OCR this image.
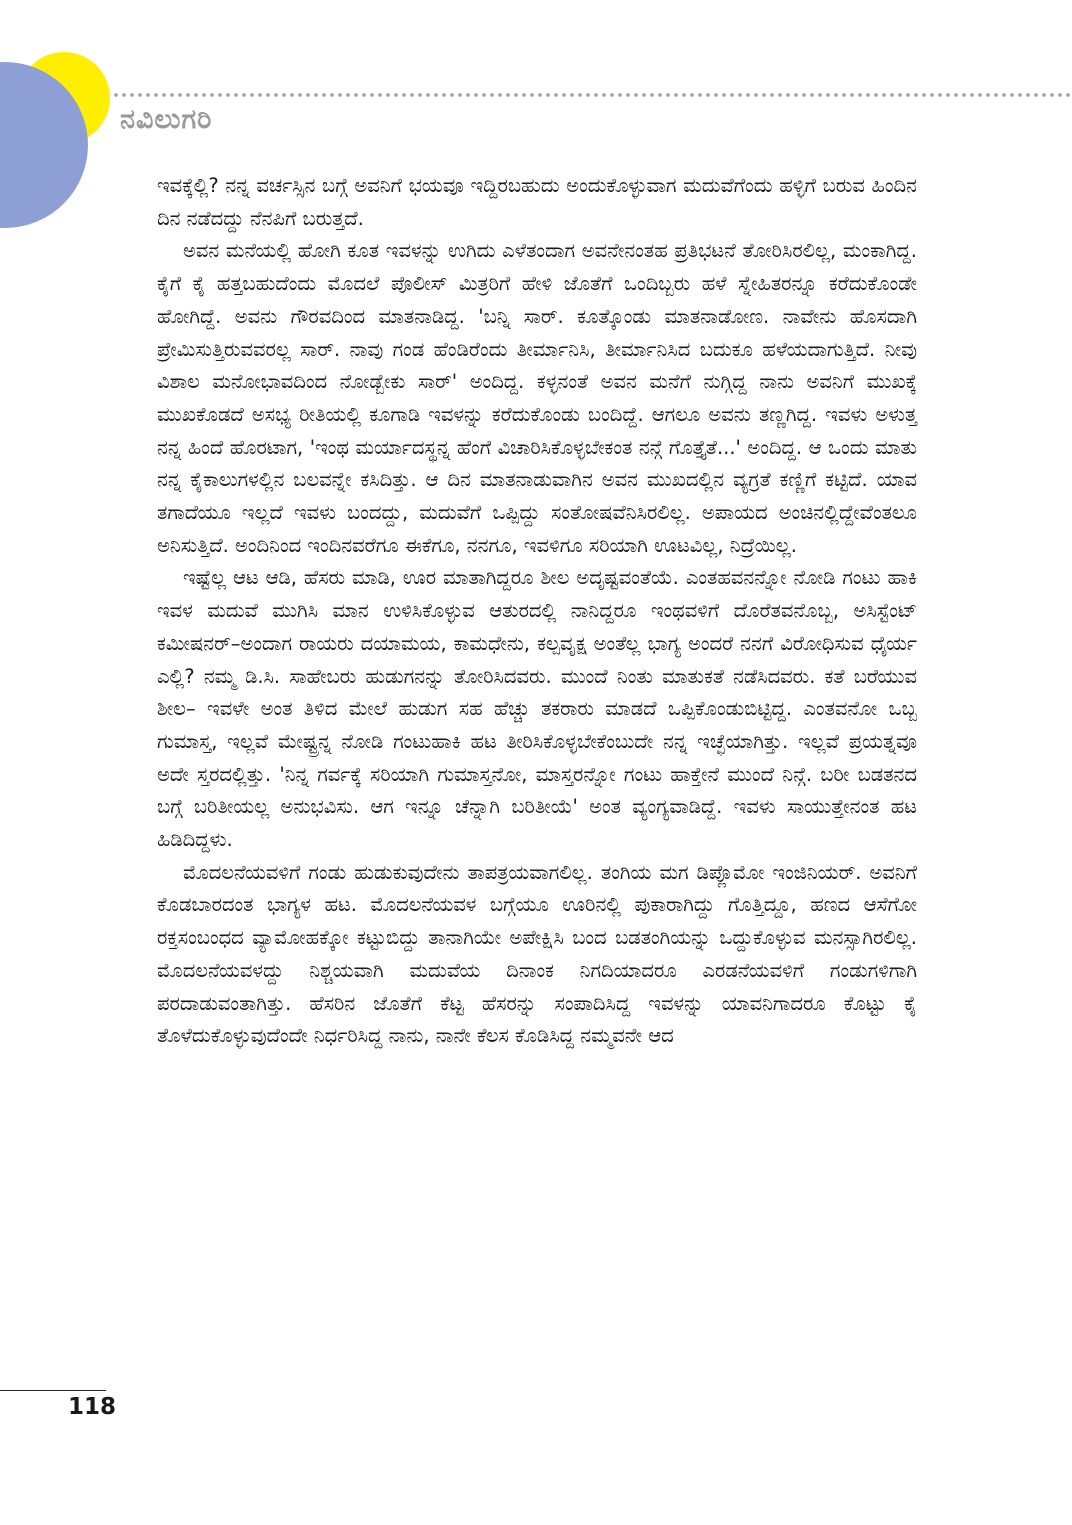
ನವಿಲುಗರಿ

ಇವಕ್ಕೆಲ್ಲಿ? ನನ್ನ ವರ್ಚಸ್ಸಿನ ಬಗ್ಗೆ ಅವನಿಗೆ ಭಯವೂ ಇದ್ದಿರಬಹುದು ಅಂದುಕೊಳ್ಳುವಾಗ ಮದುವೆಗೆಂದು ಹಳ್ಳಿಗೆ ಬರುವ ಹಿಂದಿನ ದಿನ ನಡೆದದ್ದು ನೆನಪಿಗೆ ಬರುತ್ತದೆ.

ಅವನ ಮನೆಯಲ್ಲಿ ಹೋಗಿ ಕೂತ ಇವಳನ್ನು ಉಗಿದು ಎಳೆತಂದಾಗ ಅವನೇನಂತಹ ಪ್ರತಿಭಟನೆ ತೋರಿಸಿರಲಿಲ್ಲ, ಮಂಕಾಗಿದ್ದ. ಕೈಗೆ ಕೈ ಹತ್ತಬಹುದೆಂದು ಮೊದಲೆ ಪೊಲೀಸ್ ಮಿತ್ರರಿಗೆ ಹೇಳಿ ಜೊತೆಗೆ ಒಂದಿಬ್ಬರು ಹಳೆ ಸ್ನೇಹಿತರನ್ನೂ ಕರೆದುಕೊಂಡೇ ಹೋಗಿದ್ದೆ. ಅವನು ಗೌರವದಿಂದ ಮಾತನಾಡಿದ್ದ. 'ಬನ್ನಿ ಸಾರ್. ಕೂತ್ಕೊಂಡು ಮಾತನಾಡೋಣ. ನಾವೇನು ಹೊಸದಾಗಿ ಪ್ರೇಮಿಸುತ್ತಿರುವವರಲ್ಲ ಸಾರ್. ನಾವು ಗಂಡ ಹೆಂಡಿರೆಂದು ತೀರ್ಮಾನಿಸಿ, ತೀರ್ಮಾನಿಸಿದ ಬದುಕೂ ಹಳೆಯದಾಗುತ್ತಿದೆ. ನೀವು ವಿಶಾಲ ಮನೋಭಾವದಿಂದ ನೋಡ್ಬೇಕು ಸಾರ್' ಅಂದಿದ್ದ. ಕಳ್ಳನಂತೆ ಅವನ ಮನೆಗೆ ನುಗ್ಗಿದ್ದ ನಾನು ಅವನಿಗೆ ಮುಖಕ್ಕೆ ಮುಖಕೊಡದೆ ಅಸಭ್ಯ ರೀತಿಯಲ್ಲಿ ಕೂಗಾಡಿ ಇವಳನ್ನು ಕರೆದುಕೊಂಡು ಬಂದಿದ್ದೆ. ಆಗಲೂ ಅವನು ತಣ್ಣಗಿದ್ದ. ಇವಳು ಅಳುತ್ತ ನನ್ನ ಹಿಂದೆ ಹೊರಟಾಗ, 'ಇಂಥ ಮರ್ಯಾದಸ್ಥನ್ನ ಹೆಂಗೆ ವಿಚಾರಿಸಿಕೊಳ್ಳಬೇಕಂತ ನನ್ಗೆ ಗೊತ್ತೈತೆ...' ಅಂದಿದ್ದ. ಆ ಒಂದು ಮಾತು ನನ್ನ ಕೈಕಾಲುಗಳಲ್ಲಿನ ಬಲವನ್ನೇ ಕಸಿದಿತ್ತು. ಆ ದಿನ ಮಾತನಾಡುವಾಗಿನ ಅವನ ಮುಖದಲ್ಲಿನ ವ್ಯಗ್ರತೆ ಕಣ್ಣಿಗೆ ಕಟ್ಟಿದೆ. ಯಾವ ತಗಾದೆಯೂ ಇಲ್ಲದೆ ಇವಳು ಬಂದದ್ದು, ಮದುವೆಗೆ ಒಪ್ಪಿದ್ದು ಸಂತೋಷವೆನಿಸಿರಲಿಲ್ಲ. ಅಪಾಯದ ಅಂಚಿನಲ್ಲಿದ್ದೇವೆಂತಲೂ ಅನಿಸುತ್ತಿದೆ. ಅಂದಿನಿಂದ ಇಂದಿನವರೆಗೂ ಈಕೆಗೂ, ನನಗೂ, ಇವಳಿಗೂ ಸರಿಯಾಗಿ ಊಟವಿಲ್ಲ, ನಿದ್ರೆಯಿಲ್ಲ.

ಇಷ್ಟೆಲ್ಲ ಆಟ ಆಡಿ, ಹೆಸರು ಮಾಡಿ, ಊರ ಮಾತಾಗಿದ್ದರೂ ಶೀಲ ಅದೃಷ್ಟವಂತೆಯೆ. ಎಂತಹವನನ್ನೋ ನೋಡಿ ಗಂಟು ಹಾಕಿ ಇವಳ ಮದುವೆ ಮುಗಿಸಿ ಮಾನ ಉಳಿಸಿಕೊಳ್ಳುವ ಆತುರದಲ್ಲಿ ನಾನಿದ್ದರೂ ಇಂಥವಳಿಗೆ ದೊರೆತವನೊಬ್ಬ, ಅಸಿಸ್ಟೆಂಟ್ ಕಮೀಷನರ್–ಅಂದಾಗ ರಾಯರು ದಯಾಮಯ, ಕಾಮಧೇನು, ಕಲ್ಪವೃಕ್ಷ ಅಂತೆಲ್ಲ ಭಾಗ್ಯ ಅಂದರೆ ನನಗೆ ವಿರೋಧಿಸುವ ಧೈರ್ಯ ಎಲ್ಲಿ? ನಮ್ಮ ಡಿ.ಸಿ. ಸಾಹೇಬರು ಹುಡುಗನನ್ನು ತೋರಿಸಿದವರು. ಮುಂದೆ ನಿಂತು ಮಾತುಕತೆ ನಡೆಸಿದವರು. ಕತೆ ಬರೆಯುವ ಶೀಲ– ಇವಳೇ ಅಂತ ತಿಳಿದ ಮೇಲೆ ಹುಡುಗ ಸಹ ಹೆಚ್ಚು ತಕರಾರು ಮಾಡದೆ ಒಪ್ಪಿಕೊಂಡುಬಿಟ್ಟಿದ್ದ. ಎಂತವನೋ ಒಬ್ಬ ಗುಮಾಸ್ತ, ಇಲ್ಲವೆ ಮೇಷ್ಟ್ರನ್ನ ನೋಡಿ ಗಂಟುಹಾಕಿ ಹಟ ತೀರಿಸಿಕೊಳ್ಳಬೇಕೆಂಬುದೇ ನನ್ನ ಇಚ್ಛೆಯಾಗಿತ್ತು. ಇಲ್ಲವೆ ಪ್ರಯತ್ನವೂ ಅದೇ ಸ್ತರದಲ್ಲಿತ್ತು. 'ನಿನ್ನ ಗರ್ವಕ್ಕೆ ಸರಿಯಾಗಿ ಗುಮಾಸ್ತನೋ, ಮಾಸ್ತರನ್ನೋ ಗಂಟು ಹಾಕ್ತೇನೆ ಮುಂದೆ ನಿನ್ಗೆ. ಬರೀ ಬಡತನದ ಬಗ್ಗೆ ಬರಿತೀಯಲ್ಲ ಅನುಭವಿಸು. ಆಗ ಇನ್ನೂ ಚೆನ್ನಾಗಿ ಬರಿತೀಯೆ' ಅಂತ ವ್ಯಂಗ್ಯವಾಡಿದ್ದೆ. ಇವಳು ಸಾಯುತ್ತೇನಂತ ಹಟ ಹಿಡಿದಿದ್ದಳು.

ಮೊದಲನೆಯವಳಿಗೆ ಗಂಡು ಹುಡುಕುವುದೇನು ತಾಪತ್ರಯವಾಗಲಿಲ್ಲ. ತಂಗಿಯ ಮಗ ಡಿಪ್ಲೊಮೋ ಇಂಜಿನಿಯರ್. ಅವನಿಗೆ ಕೊಡಬಾರದಂತ ಭಾಗ್ಯಳ ಹಟ. ಮೊದಲನೆಯವಳ ಬಗ್ಗೆಯೂ ಊರಿನಲ್ಲಿ ಪುಕಾರಾಗಿದ್ದು ಗೊತ್ತಿದ್ದೂ, ಹಣದ ಆಸೆಗೋ ರಕ್ತಸಂಬಂಧದ ವ್ಯಾಮೋಹಕ್ಕೋ ಕಟ್ಟುಬಿದ್ದು ತಾನಾಗಿಯೇ ಅಪೇಕ್ಷಿಸಿ ಬಂದ ಬಡತಂಗಿಯನ್ನು ಒದ್ದುಕೊಳ್ಳುವ ಮನಸ್ಸಾಗಿರಲಿಲ್ಲ. ಮೊದಲನೆಯವಳದ್ದು ನಿಶ್ಚಯವಾಗಿ ಮದುವೆಯ ದಿನಾಂಕ ನಿಗದಿಯಾದರೂ ಎರಡನೆಯವಳಿಗೆ ಗಂಡುಗಳಿಗಾಗಿ ಪರದಾಡುವಂತಾಗಿತ್ತು. ಹೆಸರಿನ ಜೊತೆಗೆ ಕೆಟ್ಟ ಹೆಸರನ್ನು ಸಂಪಾದಿಸಿದ್ದ ಇವಳನ್ನು ಯಾವನಿಗಾದರೂ ಕೊಟ್ಟು ಕೈ ತೊಳೆದುಕೊಳ್ಳುವುದೆಂದೇ ನಿರ್ಧರಿಸಿದ್ದ ನಾನು, ನಾನೇ ಕೆಲಸ ಕೊಡಿಸಿದ್ದ ನಮ್ಮವನೇ ಆದ

118
